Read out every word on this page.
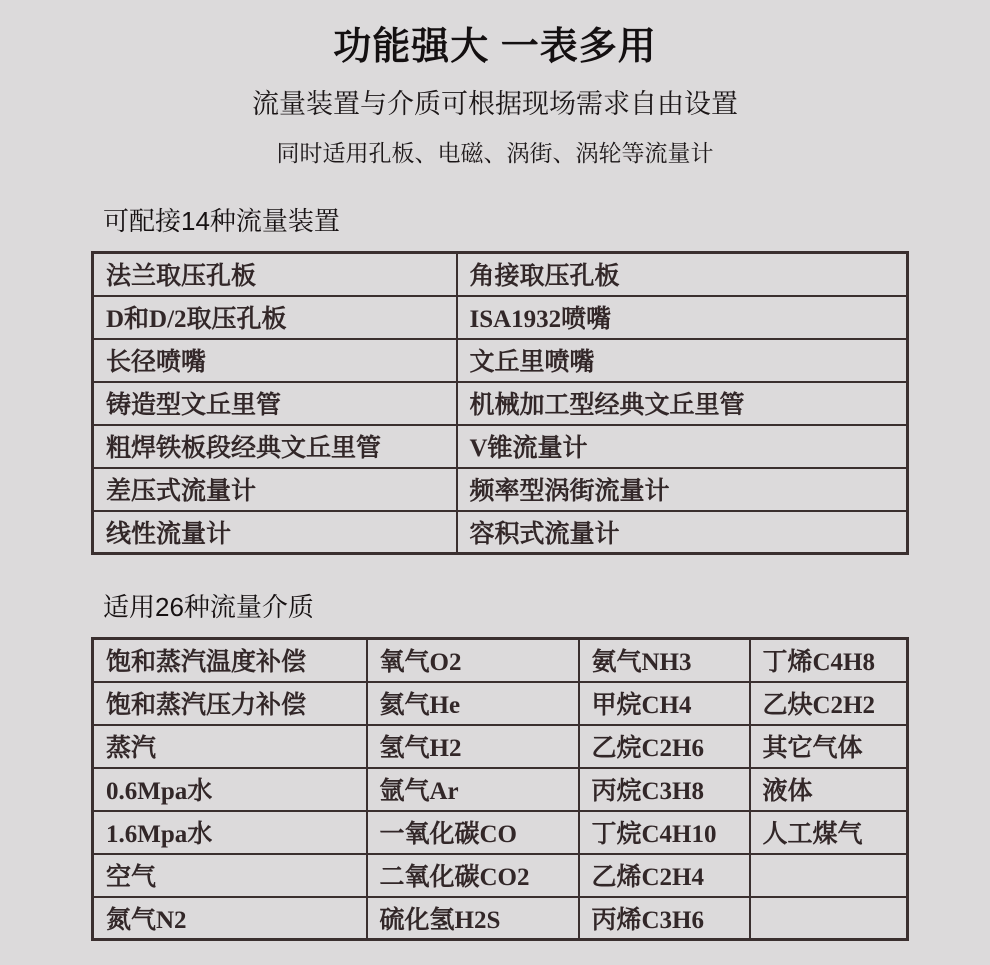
功能强大 一表多用
流量装置与介质可根据现场需求自由设置
同时适用孔板、电磁、涡街、涡轮等流量计
可配接14种流量装置
法兰取压孔板	角接取压孔板
D和D/2取压孔板	ISA1932喷嘴
长径喷嘴	文丘里喷嘴
铸造型文丘里管	机械加工型经典文丘里管
粗焊铁板段经典文丘里管	V锥流量计
差压式流量计	频率型涡街流量计
线性流量计	容积式流量计
适用26种流量介质
饱和蒸汽温度补偿	氧气O2	氨气NH3	丁烯C4H8
饱和蒸汽压力补偿	氦气He	甲烷CH4	乙炔C2H2
蒸汽	氢气H2	乙烷C2H6	其它气体
0.6Mpa水	氩气Ar	丙烷C3H8	液体
1.6Mpa水	一氧化碳CO	丁烷C4H10	人工煤气
空气	二氧化碳CO2	乙烯C2H4	
氮气N2	硫化氢H2S	丙烯C3H6	
